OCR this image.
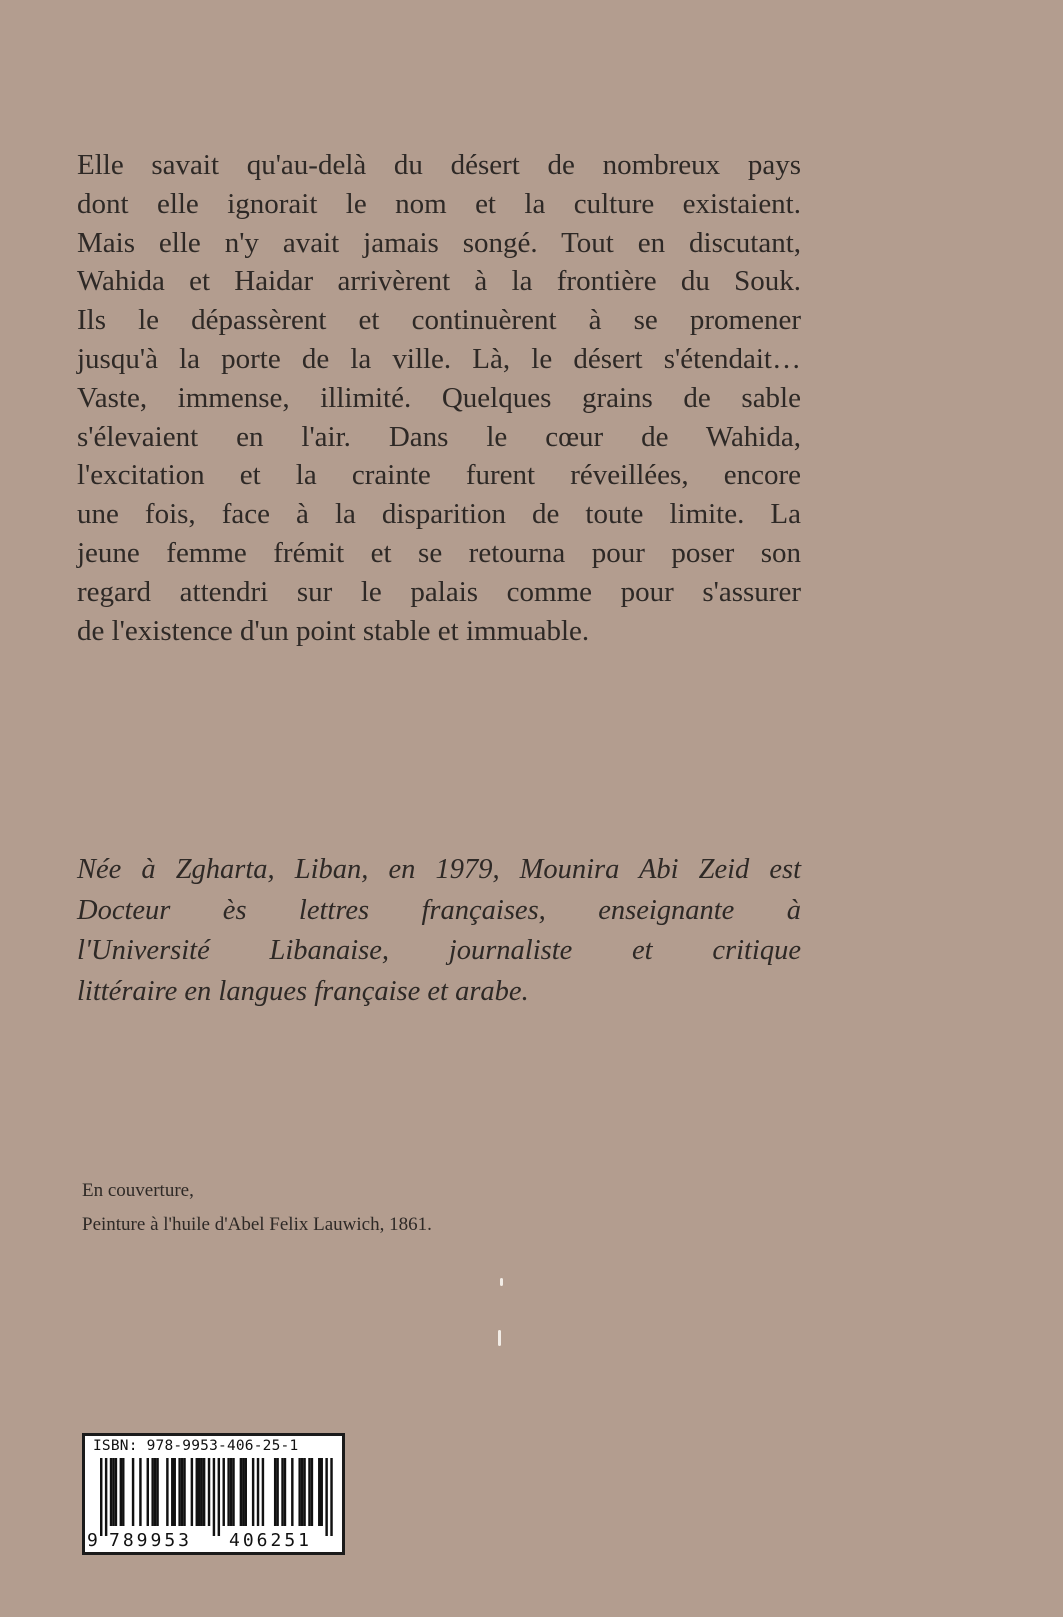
Elle savait qu'au-delà du désert de nombreux pays
dont elle ignorait le nom et la culture existaient.
Mais elle n'y avait jamais songé. Tout en discutant,
Wahida et Haidar arrivèrent à la frontière du Souk.
Ils le dépassèrent et continuèrent à se promener
jusqu'à la porte de la ville. Là, le désert s'étendait…
Vaste, immense, illimité. Quelques grains de sable
s'élevaient en l'air. Dans le cœur de Wahida,
l'excitation et la crainte furent réveillées, encore
une fois, face à la disparition de toute limite. La
jeune femme frémit et se retourna pour poser son
regard attendri sur le palais comme pour s'assurer
de l'existence d'un point stable et immuable.
Née à Zgharta, Liban, en 1979, Mounira Abi Zeid est
Docteur ès lettres françaises, enseignante à
l'Université Libanaise, journaliste et critique
littéraire en langues française et arabe.
En couverture,
Peinture à l'huile d'Abel Felix Lauwich, 1861.
ISBN: 978-9953-406-25-1
9 789953 406251
